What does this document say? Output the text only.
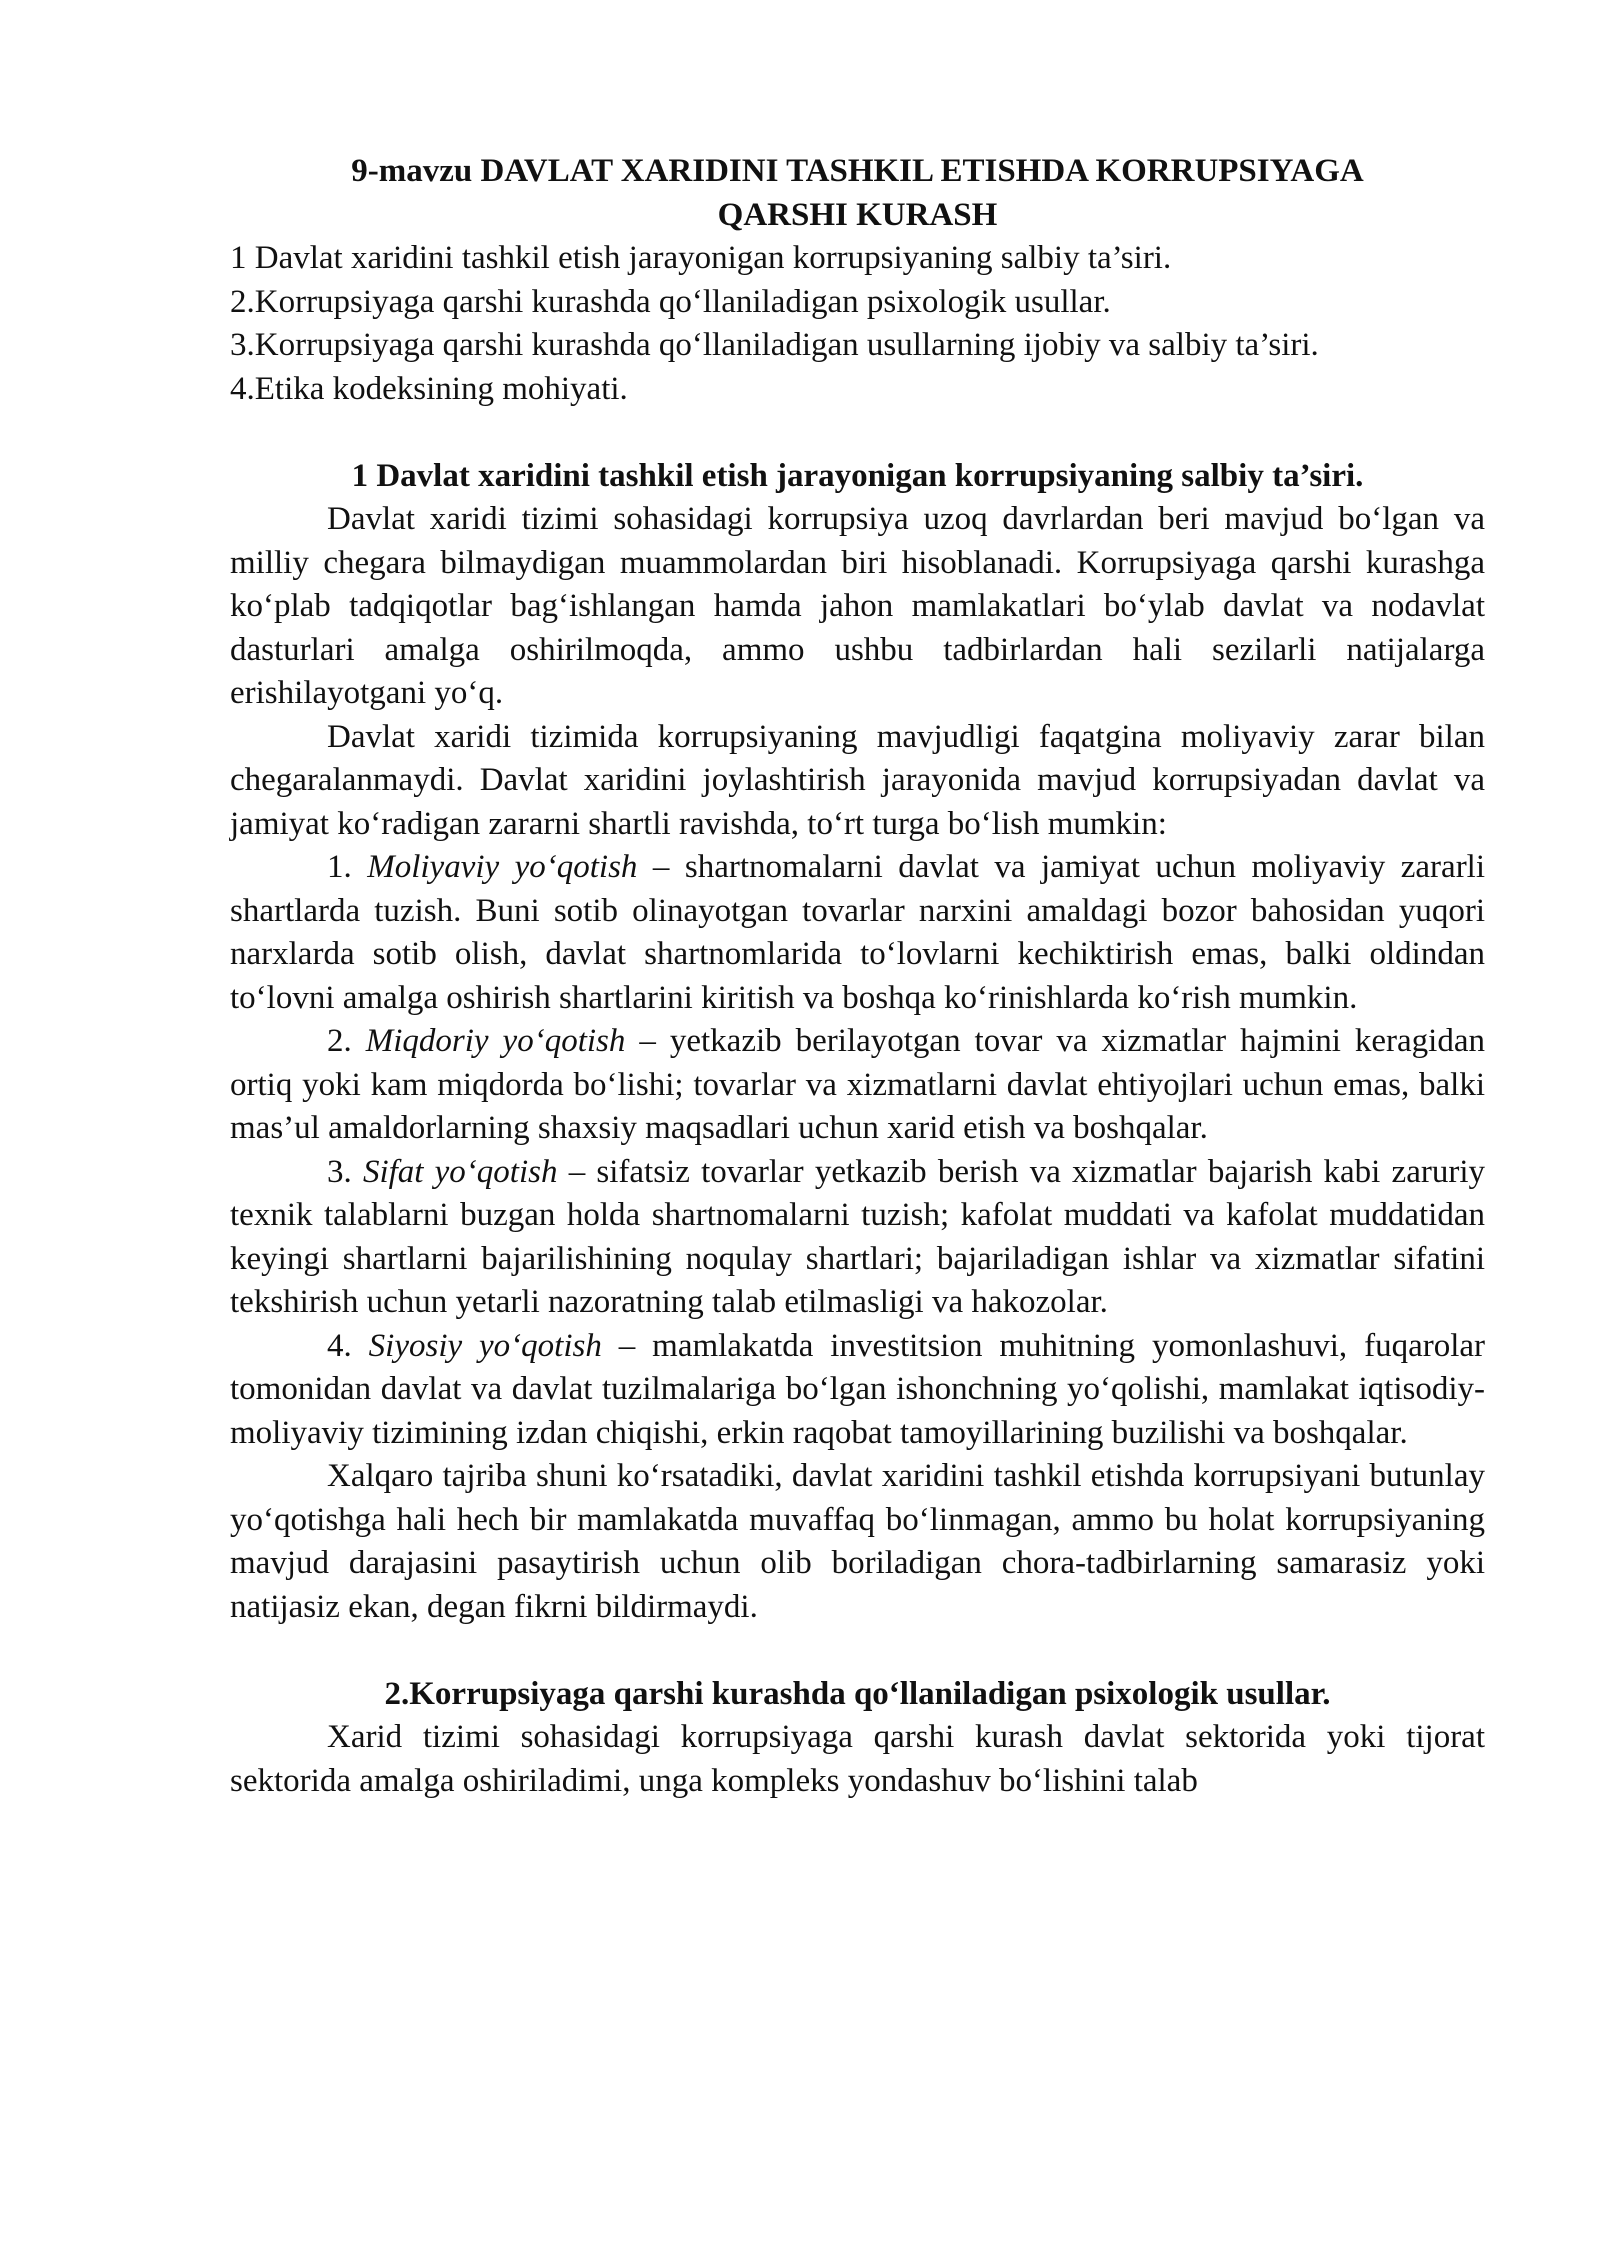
9-mavzu DAVLAT XARIDINI TASHKIL ETISHDA KORRUPSIYAGA
QARSHI KURASH

1 Davlat xaridini tashkil etish jarayonigan korrupsiyaning salbiy ta’siri.

2.Korrupsiyaga qarshi kurashda qo‘llaniladigan psixologik usullar.

3.Korrupsiyaga qarshi kurashda qo‘llaniladigan usullarning ijobiy va salbiy ta’siri.

4.Etika kodeksining mohiyati.

1 Davlat xaridini tashkil etish jarayonigan korrupsiyaning salbiy ta’siri.

Davlat xaridi tizimi sohasidagi korrupsiya uzoq davrlardan beri mavjud bo‘lgan va milliy chegara bilmaydigan muammolardan biri hisoblanadi. Korrupsiyaga qarshi kurashga ko‘plab tadqiqotlar bag‘ishlangan hamda jahon mamlakatlari bo‘ylab davlat va nodavlat dasturlari amalga oshirilmoqda, ammo ushbu tadbirlardan hali sezilarli natijalarga erishilayotgani yo‘q.

Davlat xaridi tizimida korrupsiyaning mavjudligi faqatgina moliyaviy zarar bilan chegaralanmaydi. Davlat xaridini joylashtirish jarayonida mavjud korrupsiyadan davlat va jamiyat ko‘radigan zararni shartli ravishda, to‘rt turga bo‘lish mumkin:

1. Moliyaviy yo‘qotish – shartnomalarni davlat va jamiyat uchun moliyaviy zararli shartlarda tuzish. Buni sotib olinayotgan tovarlar narxini amaldagi bozor bahosidan yuqori narxlarda sotib olish, davlat shartnomlarida to‘lovlarni kechiktirish emas, balki oldindan to‘lovni amalga oshirish shartlarini kiritish va boshqa ko‘rinishlarda ko‘rish mumkin.

2. Miqdoriy yo‘qotish – yetkazib berilayotgan tovar va xizmatlar hajmini keragidan ortiq yoki kam miqdorda bo‘lishi; tovarlar va xizmatlarni davlat ehtiyojlari uchun emas, balki mas’ul amaldorlarning shaxsiy maqsadlari uchun xarid etish va boshqalar.

3. Sifat yo‘qotish – sifatsiz tovarlar yetkazib berish va xizmatlar bajarish kabi zaruriy texnik talablarni buzgan holda shartnomalarni tuzish; kafolat muddati va kafolat muddatidan keyingi shartlarni bajarilishining noqulay shartlari; bajariladigan ishlar va xizmatlar sifatini tekshirish uchun yetarli nazoratning talab etilmasligi va hakozolar.

4. Siyosiy yo‘qotish – mamlakatda investitsion muhitning yomonlashuvi, fuqarolar tomonidan davlat va davlat tuzilmalariga bo‘lgan ishonchning yo‘qolishi, mamlakat iqtisodiy-moliyaviy tizimining izdan chiqishi, erkin raqobat tamoyillarining buzilishi va boshqalar.

Xalqaro tajriba shuni ko‘rsatadiki, davlat xaridini tashkil etishda korrupsiyani butunlay yo‘qotishga hali hech bir mamlakatda muvaffaq bo‘linmagan, ammo bu holat korrupsiyaning mavjud darajasini pasaytirish uchun olib boriladigan chora-tadbirlarning samarasiz yoki natijasiz ekan, degan fikrni bildirmaydi.

2.Korrupsiyaga qarshi kurashda qo‘llaniladigan psixologik usullar.

Xarid tizimi sohasidagi korrupsiyaga qarshi kurash davlat sektorida yoki tijorat sektorida amalga oshiriladimi, unga kompleks yondashuv bo‘lishini talab
